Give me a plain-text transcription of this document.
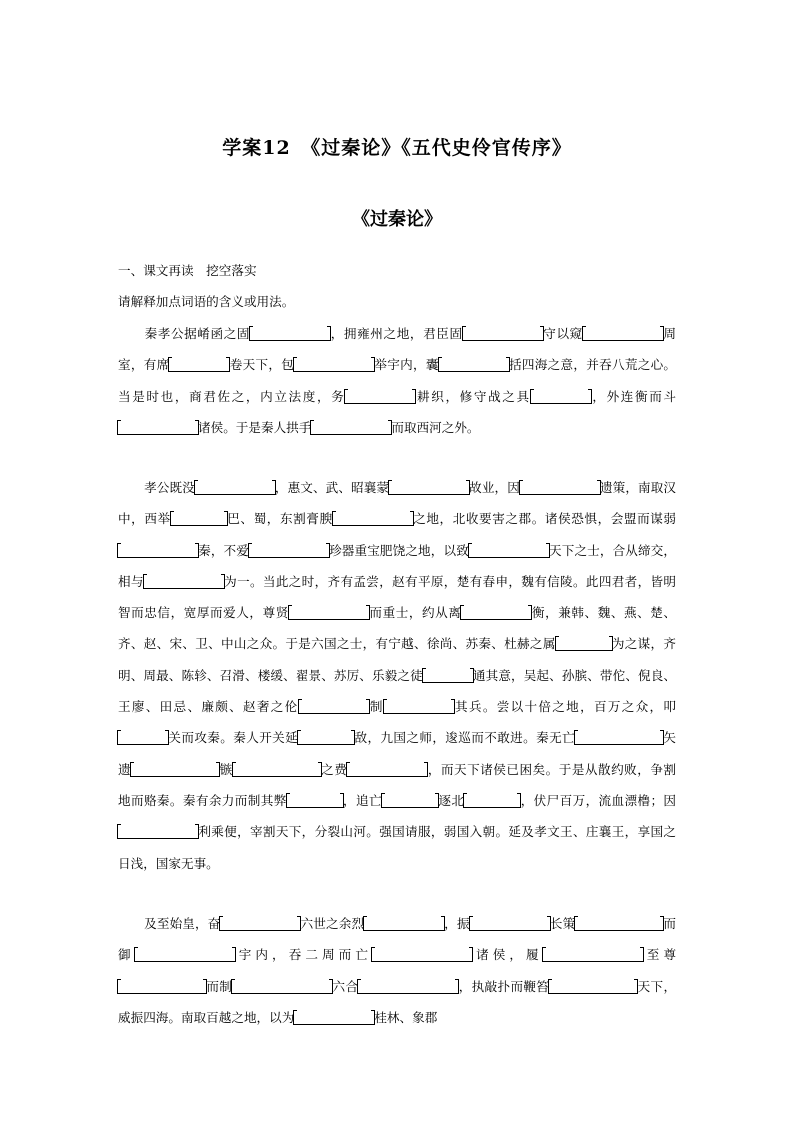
学案12　《过秦论》《五代史伶官传序》
《过秦论》
一、课文再读　挖空落实
请解释加点词语的含义或用法。

秦孝公据崤函之固	，拥雍州之地，君臣固	守以窥	周室，有席	卷天下，包	举宇内，囊	括四海之意，并吞八荒之心。当是时也，商君佐之，内立法度，务	耕织，修守战之具	，外连衡而斗诸侯。于是秦人拱手	而取西河之外。

孝公既没	，惠文、武、昭襄蒙	故业，因	遗策，南取汉中，西举	巴、蜀，东割膏腴	之地，北收要害之郡。诸侯恐惧，会盟而谋弱秦，不爱	珍器重宝肥饶之地，以致	天下之士，合从缔交，相与	为一。当此之时，齐有孟尝，赵有平原，楚有春申，魏有信陵。此四君者，皆明智而忠信，宽厚而爱人，尊贤	而重士，约从离	衡，兼韩、魏、燕、楚、齐、赵、宋、卫、中山之众。于是六国之士，有宁越、徐尚、苏秦、杜赫之属	为之谋，齐明、周最、陈轸、召滑、楼缓、翟景、苏厉、乐毅之徒	通其意，吴起、孙膑、带佗、倪良、王廖、田忌、廉颇、赵奢之伦	制	其兵。尝以十倍之地，百万之众，叩关而攻秦。秦人开关延	敌，九国之师，逡巡而不敢进。秦无亡	矢遗	镞	之费	，而天下诸侯已困矣。于是从散约败，争割地而赂秦。秦有余力而制其弊	，追亡	逐北	，伏尸百万，流血漂橹；因利乘便，宰割天下，分裂山河。强国请服，弱国入朝。延及孝文王、庄襄王，享国之日浅，国家无事。

及至始皇，奋	六世之余烈	，振	长策	而御	宇内，吞二周而亡	诸侯，履	至尊而制	六合	，执敲扑而鞭笞	天下，威振四海。南取百越之地，以为	桂林、象郡
